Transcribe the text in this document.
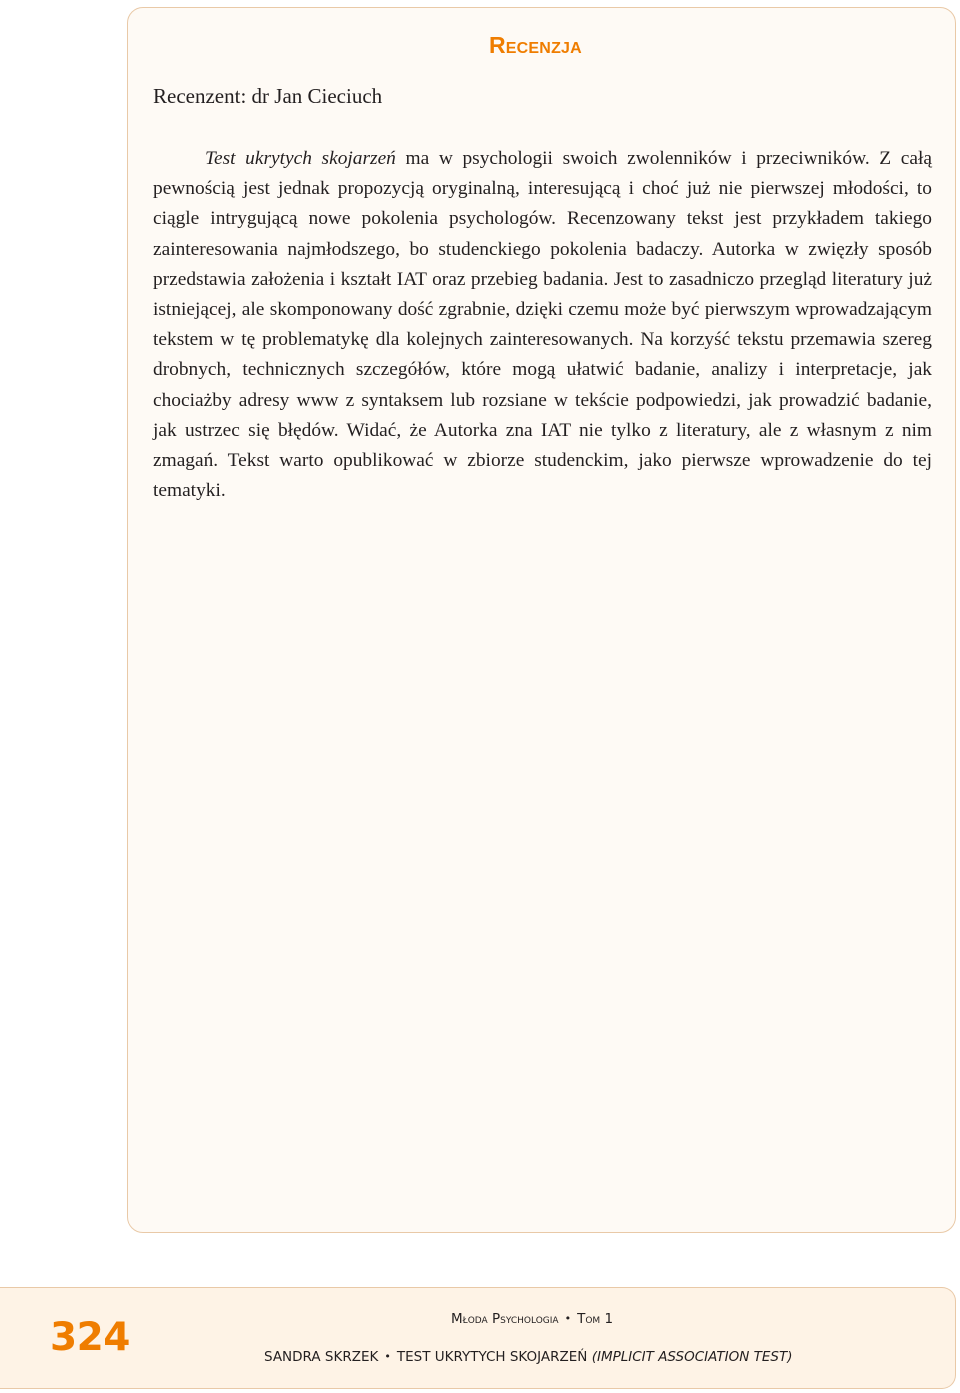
Recenzja

Recenzent: dr Jan Cieciuch

Test ukrytych skojarzeń ma w psychologii swoich zwolenników i przeciwników. Z całą pewnością jest jednak propozycją oryginalną, interesującą i choć już nie pierwszej młodości, to ciągle intrygującą nowe pokolenia psychologów. Recenzowany tekst jest przykładem takiego zainteresowania najmłodszego, bo studenckiego pokolenia badaczy. Autorka w zwięzły sposób przedstawia założenia i kształt IAT oraz przebieg badania. Jest to zasadniczo przegląd literatury już istniejącej, ale skomponowany dość zgrabnie, dzięki czemu może być pierwszym wprowadzającym tekstem w tę problematykę dla kolejnych zainteresowanych. Na korzyść tekstu przemawia szereg drobnych, technicznych szczegółów, które mogą ułatwić badanie, analizy i interpretacje, jak chociażby adresy www z syntaksem lub rozsiane w tekście podpowiedzi, jak prowadzić badanie, jak ustrzec się błędów. Widać, że Autorka zna IAT nie tylko z literatury, ale z własnym z nim zmagań. Tekst warto opublikować w zbiorze studenckim, jako pierwsze wprowadzenie do tej tematyki.

324	Młoda Psychologia • Tom 1

SANDRA SKRZEK • TEST UKRYTYCH SKOJARZEŃ (IMPLICIT ASSOCIATION TEST)
